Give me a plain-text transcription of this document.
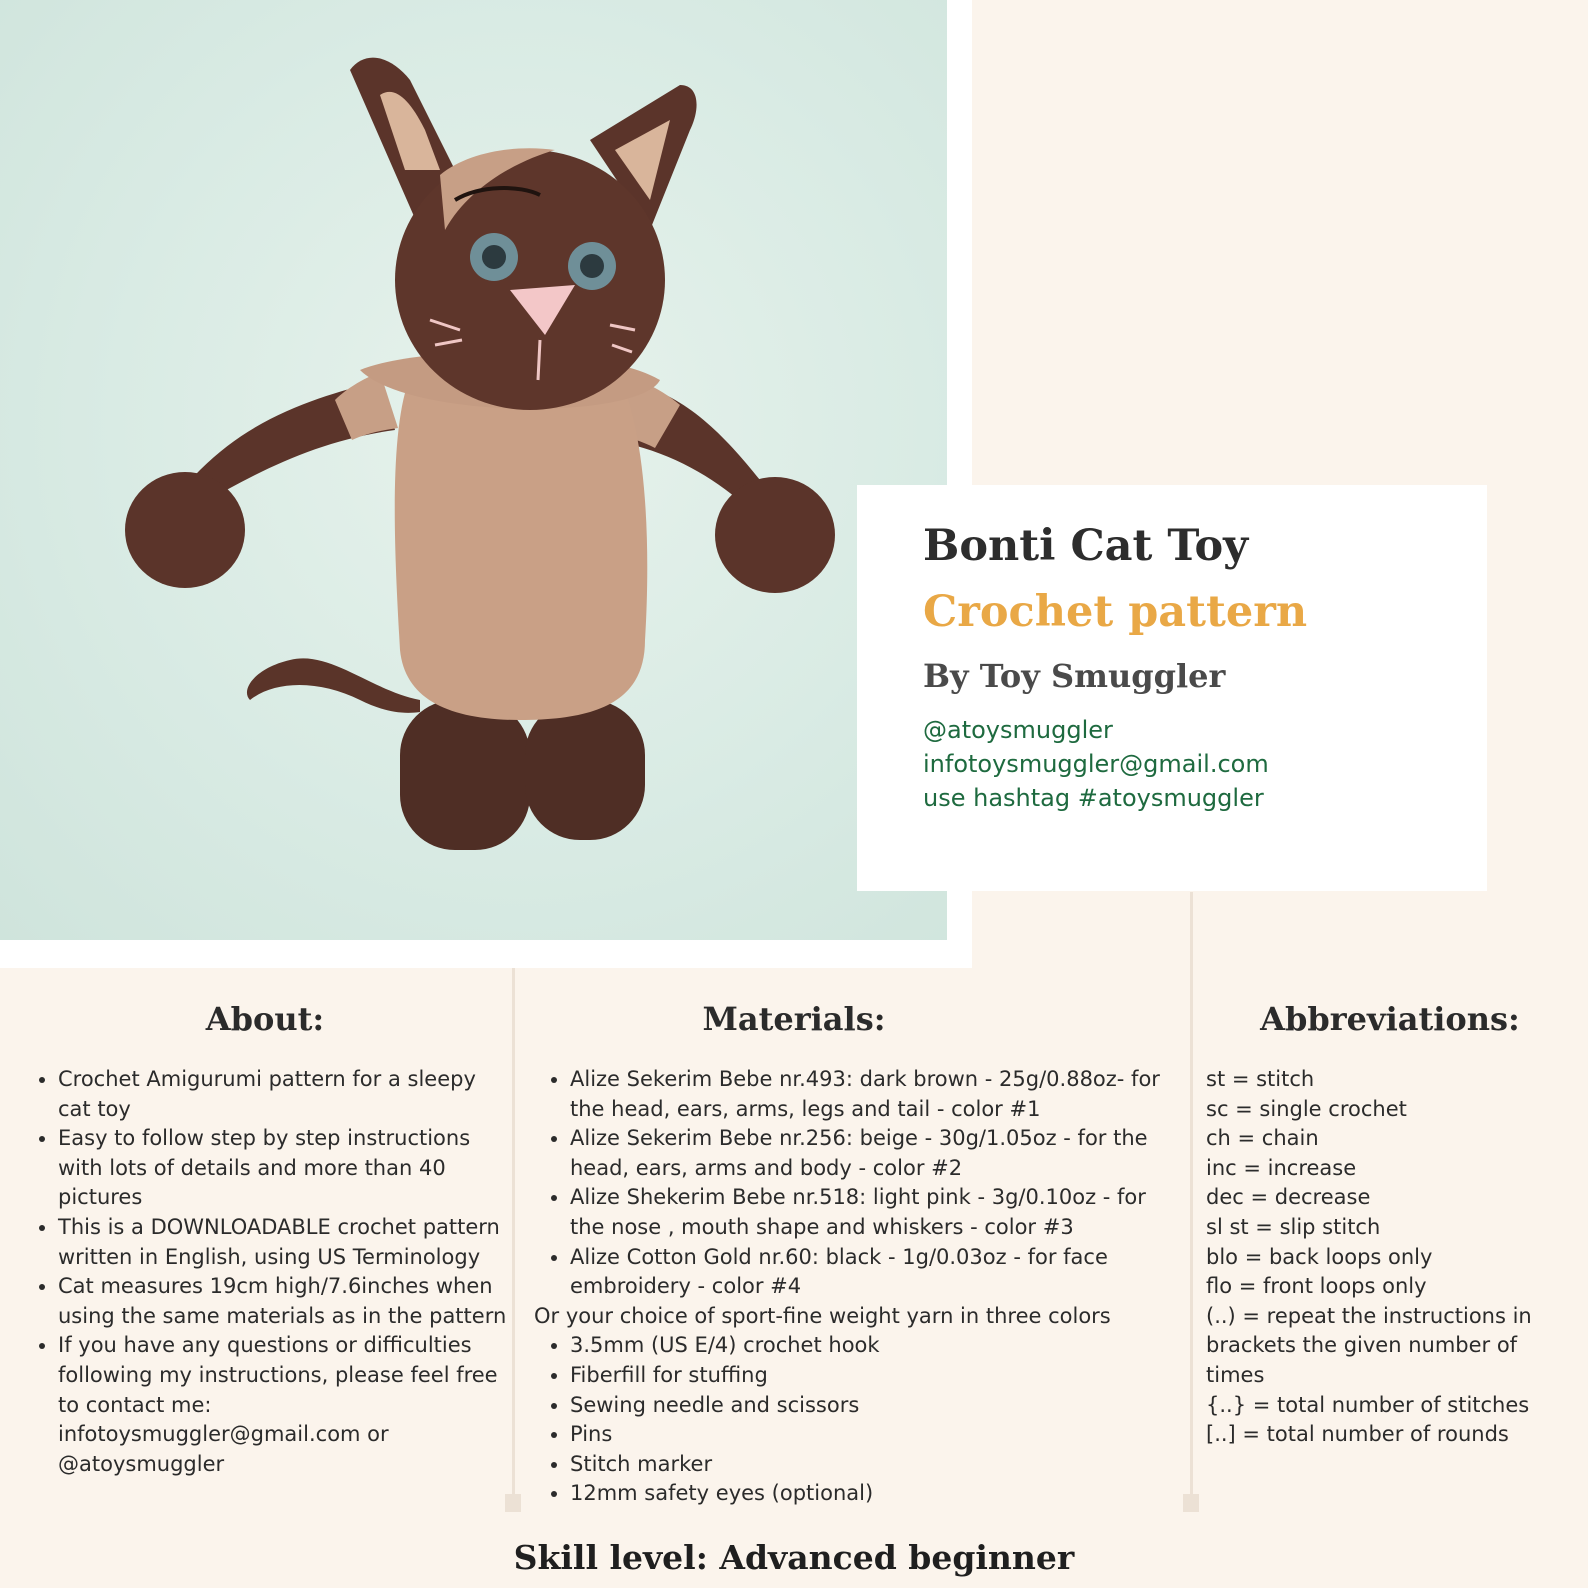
Bonti Cat Toy
Crochet pattern
By Toy Smuggler
@atoysmuggler
infotoysmuggler@gmail.com
use hashtag #atoysmuggler
About:
• Crochet Amigurumi pattern for a sleepy cat toy
• Easy to follow step by step instructions with lots of details and more than 40 pictures
• This is a DOWNLOADABLE crochet pattern written in English, using US Terminology
• Cat measures 19cm high/7.6inches when using the same materials as in the pattern
• If you have any questions or difficulties following my instructions, please feel free to contact me: infotoysmuggler@gmail.com or @atoysmuggler
Materials:
• Alize Sekerim Bebe nr.493: dark brown - 25g/0.88oz- for the head, ears, arms, legs and tail - color #1
• Alize Sekerim Bebe nr.256: beige - 30g/1.05oz - for the head, ears, arms and body - color #2
• Alize Shekerim Bebe nr.518: light pink - 3g/0.10oz - for the nose , mouth shape and whiskers - color #3
• Alize Cotton Gold nr.60: black - 1g/0.03oz - for face embroidery - color #4

Or your choice of sport-fine weight yarn in three colors

• 3.5mm (US E/4) crochet hook
• Fiberfill for stuffing
• Sewing needle and scissors
• Pins
• Stitch marker
• 12mm safety eyes (optional)
Abbreviations:
st = stitch
sc = single crochet
ch = chain
inc = increase
dec = decrease
sl st = slip stitch
blo = back loops only
flo = front loops only
(..) = repeat the instructions in brackets the given number of times
{..} = total number of stitches
[..] = total number of rounds
Skill level: Advanced beginner
